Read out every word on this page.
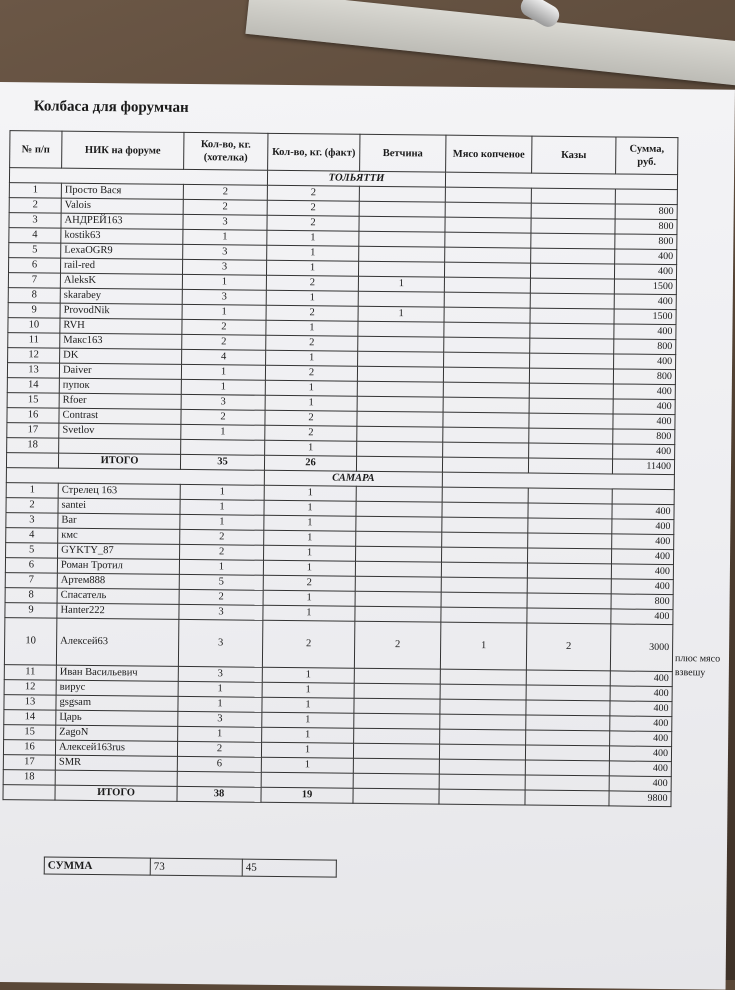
Колбаса для форумчан
№ п/п	НИК на форуме	Кол-во, кг. (хотелка)	Кол-во, кг. (факт)	Ветчина	Мясо копченое	Казы	Сумма, руб.
			ТОЛЬЯТТИ				
1	Просто Вася	2	2				
2	Valois	2	2				800
3	АНДРЕЙ163	3	2				800
4	kostik63	1	1				800
5	LexaOGR9	3	1				400
6	rail-red	3	1				400
7	AleksK	1	2	1			1500
8	skarabey	3	1				400
9	ProvodNik	1	2	1			1500
10	RVH	2	1				400
11	Макс163	2	2				800
12	DK	4	1				400
13	Daiver	1	2				800
14	пупок	1	1				400
15	Rfoer	3	1				400
16	Contrast	2	2				400
17	Svetlov	1	2				800
18			1				400
	ИТОГО	35	26				11400
			САМАРА				
1	Стрелец 163	1	1				
2	santei	1	1				400
3	Bar	1	1				400
4	кмс	2	1				400
5	GYKTY_87	2	1				400
6	Роман Тротил	1	1				400
7	Артем888	5	2				400
8	Спасатель	2	1				800
9	Hanter222	3	1				400
10	Алексей63	3	2	2	1	2	3000
11	Иван Васильевич	3	1				400
12	вирус	1	1				400
13	gsgsam	1	1				400
14	Царь	3	1				400
15	ZagoN	1	1				400
16	Алексей163rus	2	1				400
17	SMR	6	1				400
18							400
	ИТОГО	38	19				9800
плюс мясо взвешу
СУММА	73	45
